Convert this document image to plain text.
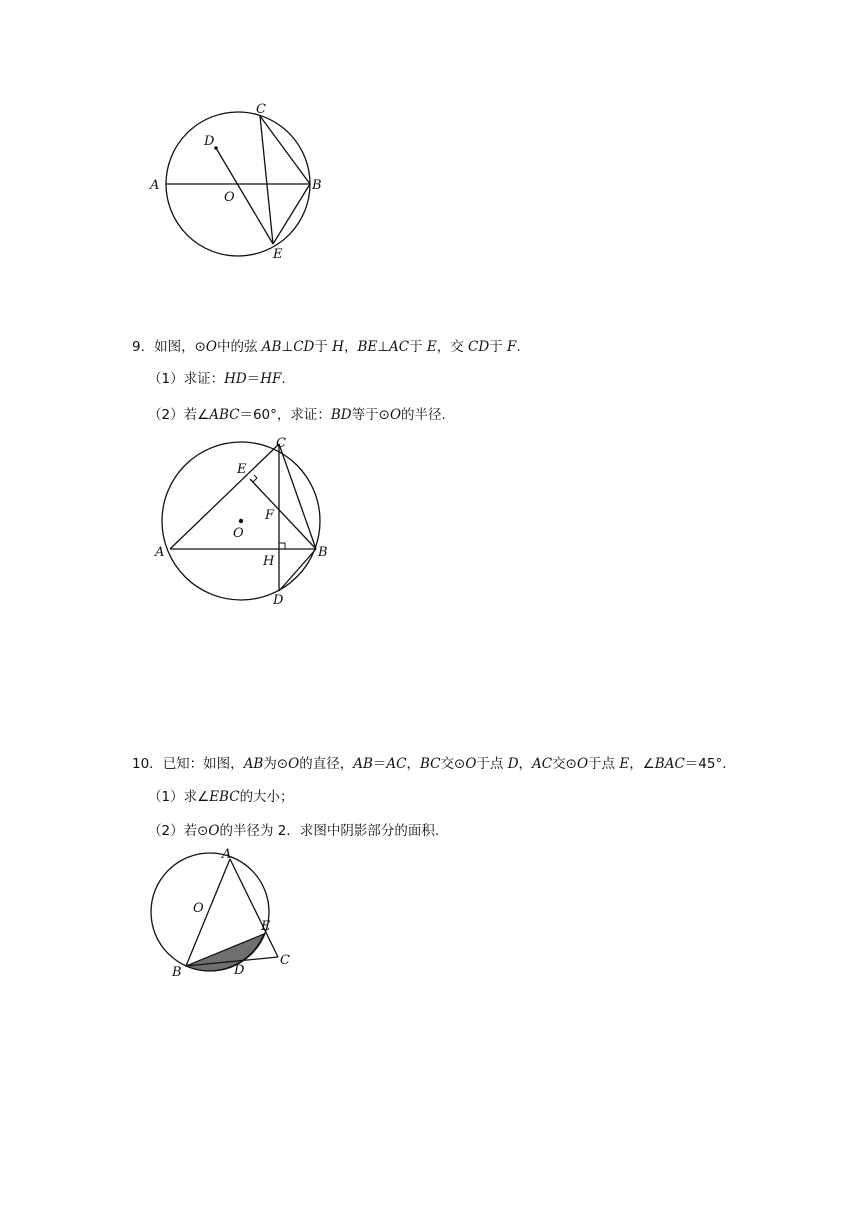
A	B
C
D
E
O
9．如图，⊙O中的弦 AB⊥CD于 H，BE⊥AC于 E，交 CD于 F.
（1）求证：HD＝HF.
（2）若∠ABC＝60°，求证：BD等于⊙O的半径.
A	B
C
D
E
F
H
O
10．已知：如图，AB为⊙O的直径，AB＝AC，BC交⊙O于点 D，AC交⊙O于点 E，∠BAC＝45°．
（1）求∠EBC的大小；
（2）若⊙O的半径为 2．求图中阴影部分的面积.
A
B
C
D
E
O
